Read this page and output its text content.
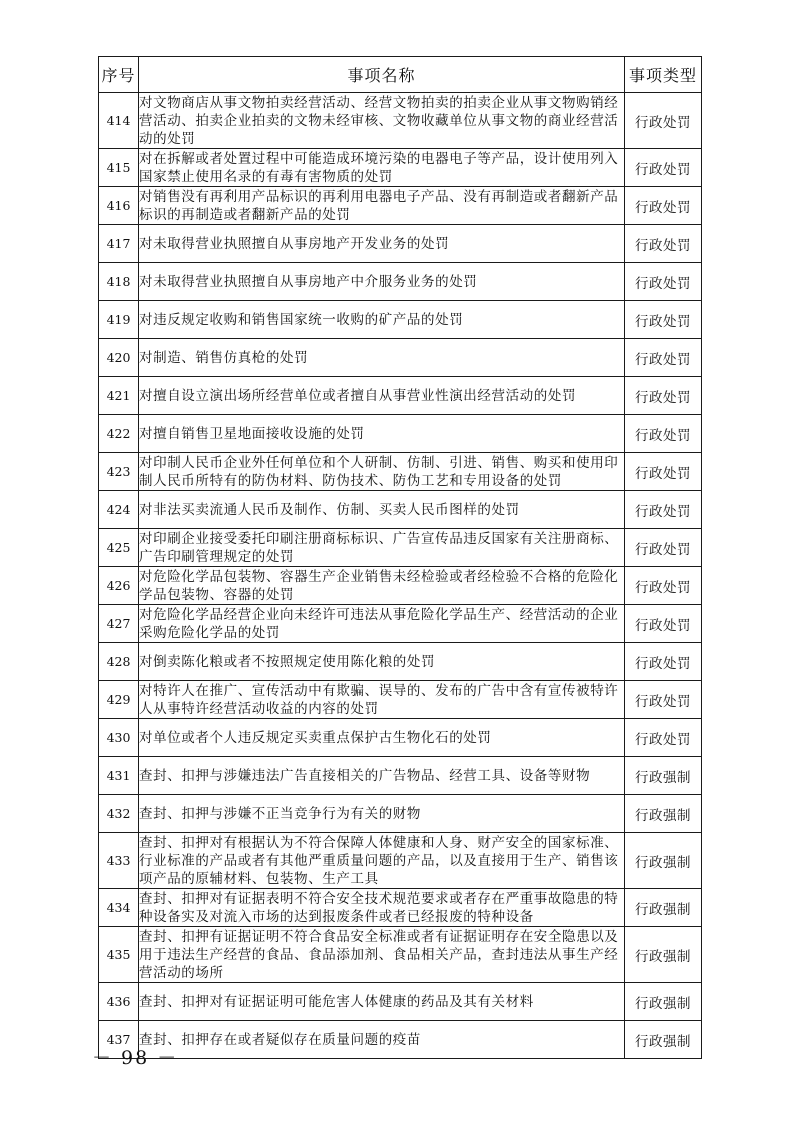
序号	事项名称	事项类型
414	对文物商店从事文物拍卖经营活动、经营文物拍卖的拍卖企业从事文物购销经营活动、拍卖企业拍卖的文物未经审核、文物收藏单位从事文物的商业经营活动的处罚	行政处罚
415	对在拆解或者处置过程中可能造成环境污染的电器电子等产品，设计使用列入国家禁止使用名录的有毒有害物质的处罚	行政处罚
416	对销售没有再利用产品标识的再利用电器电子产品、没有再制造或者翻新产品标识的再制造或者翻新产品的处罚	行政处罚
417	对未取得营业执照擅自从事房地产开发业务的处罚	行政处罚
418	对未取得营业执照擅自从事房地产中介服务业务的处罚	行政处罚
419	对违反规定收购和销售国家统一收购的矿产品的处罚	行政处罚
420	对制造、销售仿真枪的处罚	行政处罚
421	对擅自设立演出场所经营单位或者擅自从事营业性演出经营活动的处罚	行政处罚
422	对擅自销售卫星地面接收设施的处罚	行政处罚
423	对印制人民币企业外任何单位和个人研制、仿制、引进、销售、购买和使用印制人民币所特有的防伪材料、防伪技术、防伪工艺和专用设备的处罚	行政处罚
424	对非法买卖流通人民币及制作、仿制、买卖人民币图样的处罚	行政处罚
425	对印刷企业接受委托印刷注册商标标识、广告宣传品违反国家有关注册商标、广告印刷管理规定的处罚	行政处罚
426	对危险化学品包装物、容器生产企业销售未经检验或者经检验不合格的危险化学品包装物、容器的处罚	行政处罚
427	对危险化学品经营企业向未经许可违法从事危险化学品生产、经营活动的企业采购危险化学品的处罚	行政处罚
428	对倒卖陈化粮或者不按照规定使用陈化粮的处罚	行政处罚
429	对特许人在推广、宣传活动中有欺骗、误导的、发布的广告中含有宣传被特许人从事特许经营活动收益的内容的处罚	行政处罚
430	对单位或者个人违反规定买卖重点保护古生物化石的处罚	行政处罚
431	查封、扣押与涉嫌违法广告直接相关的广告物品、经营工具、设备等财物	行政强制
432	查封、扣押与涉嫌不正当竞争行为有关的财物	行政强制
433	查封、扣押对有根据认为不符合保障人体健康和人身、财产安全的国家标准、行业标准的产品或者有其他严重质量问题的产品，以及直接用于生产、销售该项产品的原辅材料、包装物、生产工具	行政强制
434	查封、扣押对有证据表明不符合安全技术规范要求或者存在严重事故隐患的特种设备实及对流入市场的达到报废条件或者已经报废的特种设备	行政强制
435	查封、扣押有证据证明不符合食品安全标准或者有证据证明存在安全隐患以及用于违法生产经营的食品、食品添加剂、食品相关产品，查封违法从事生产经营活动的场所	行政强制
436	查封、扣押对有证据证明可能危害人体健康的药品及其有关材料	行政强制
437	查封、扣押存在或者疑似存在质量问题的疫苗	行政强制
－ 98 －
